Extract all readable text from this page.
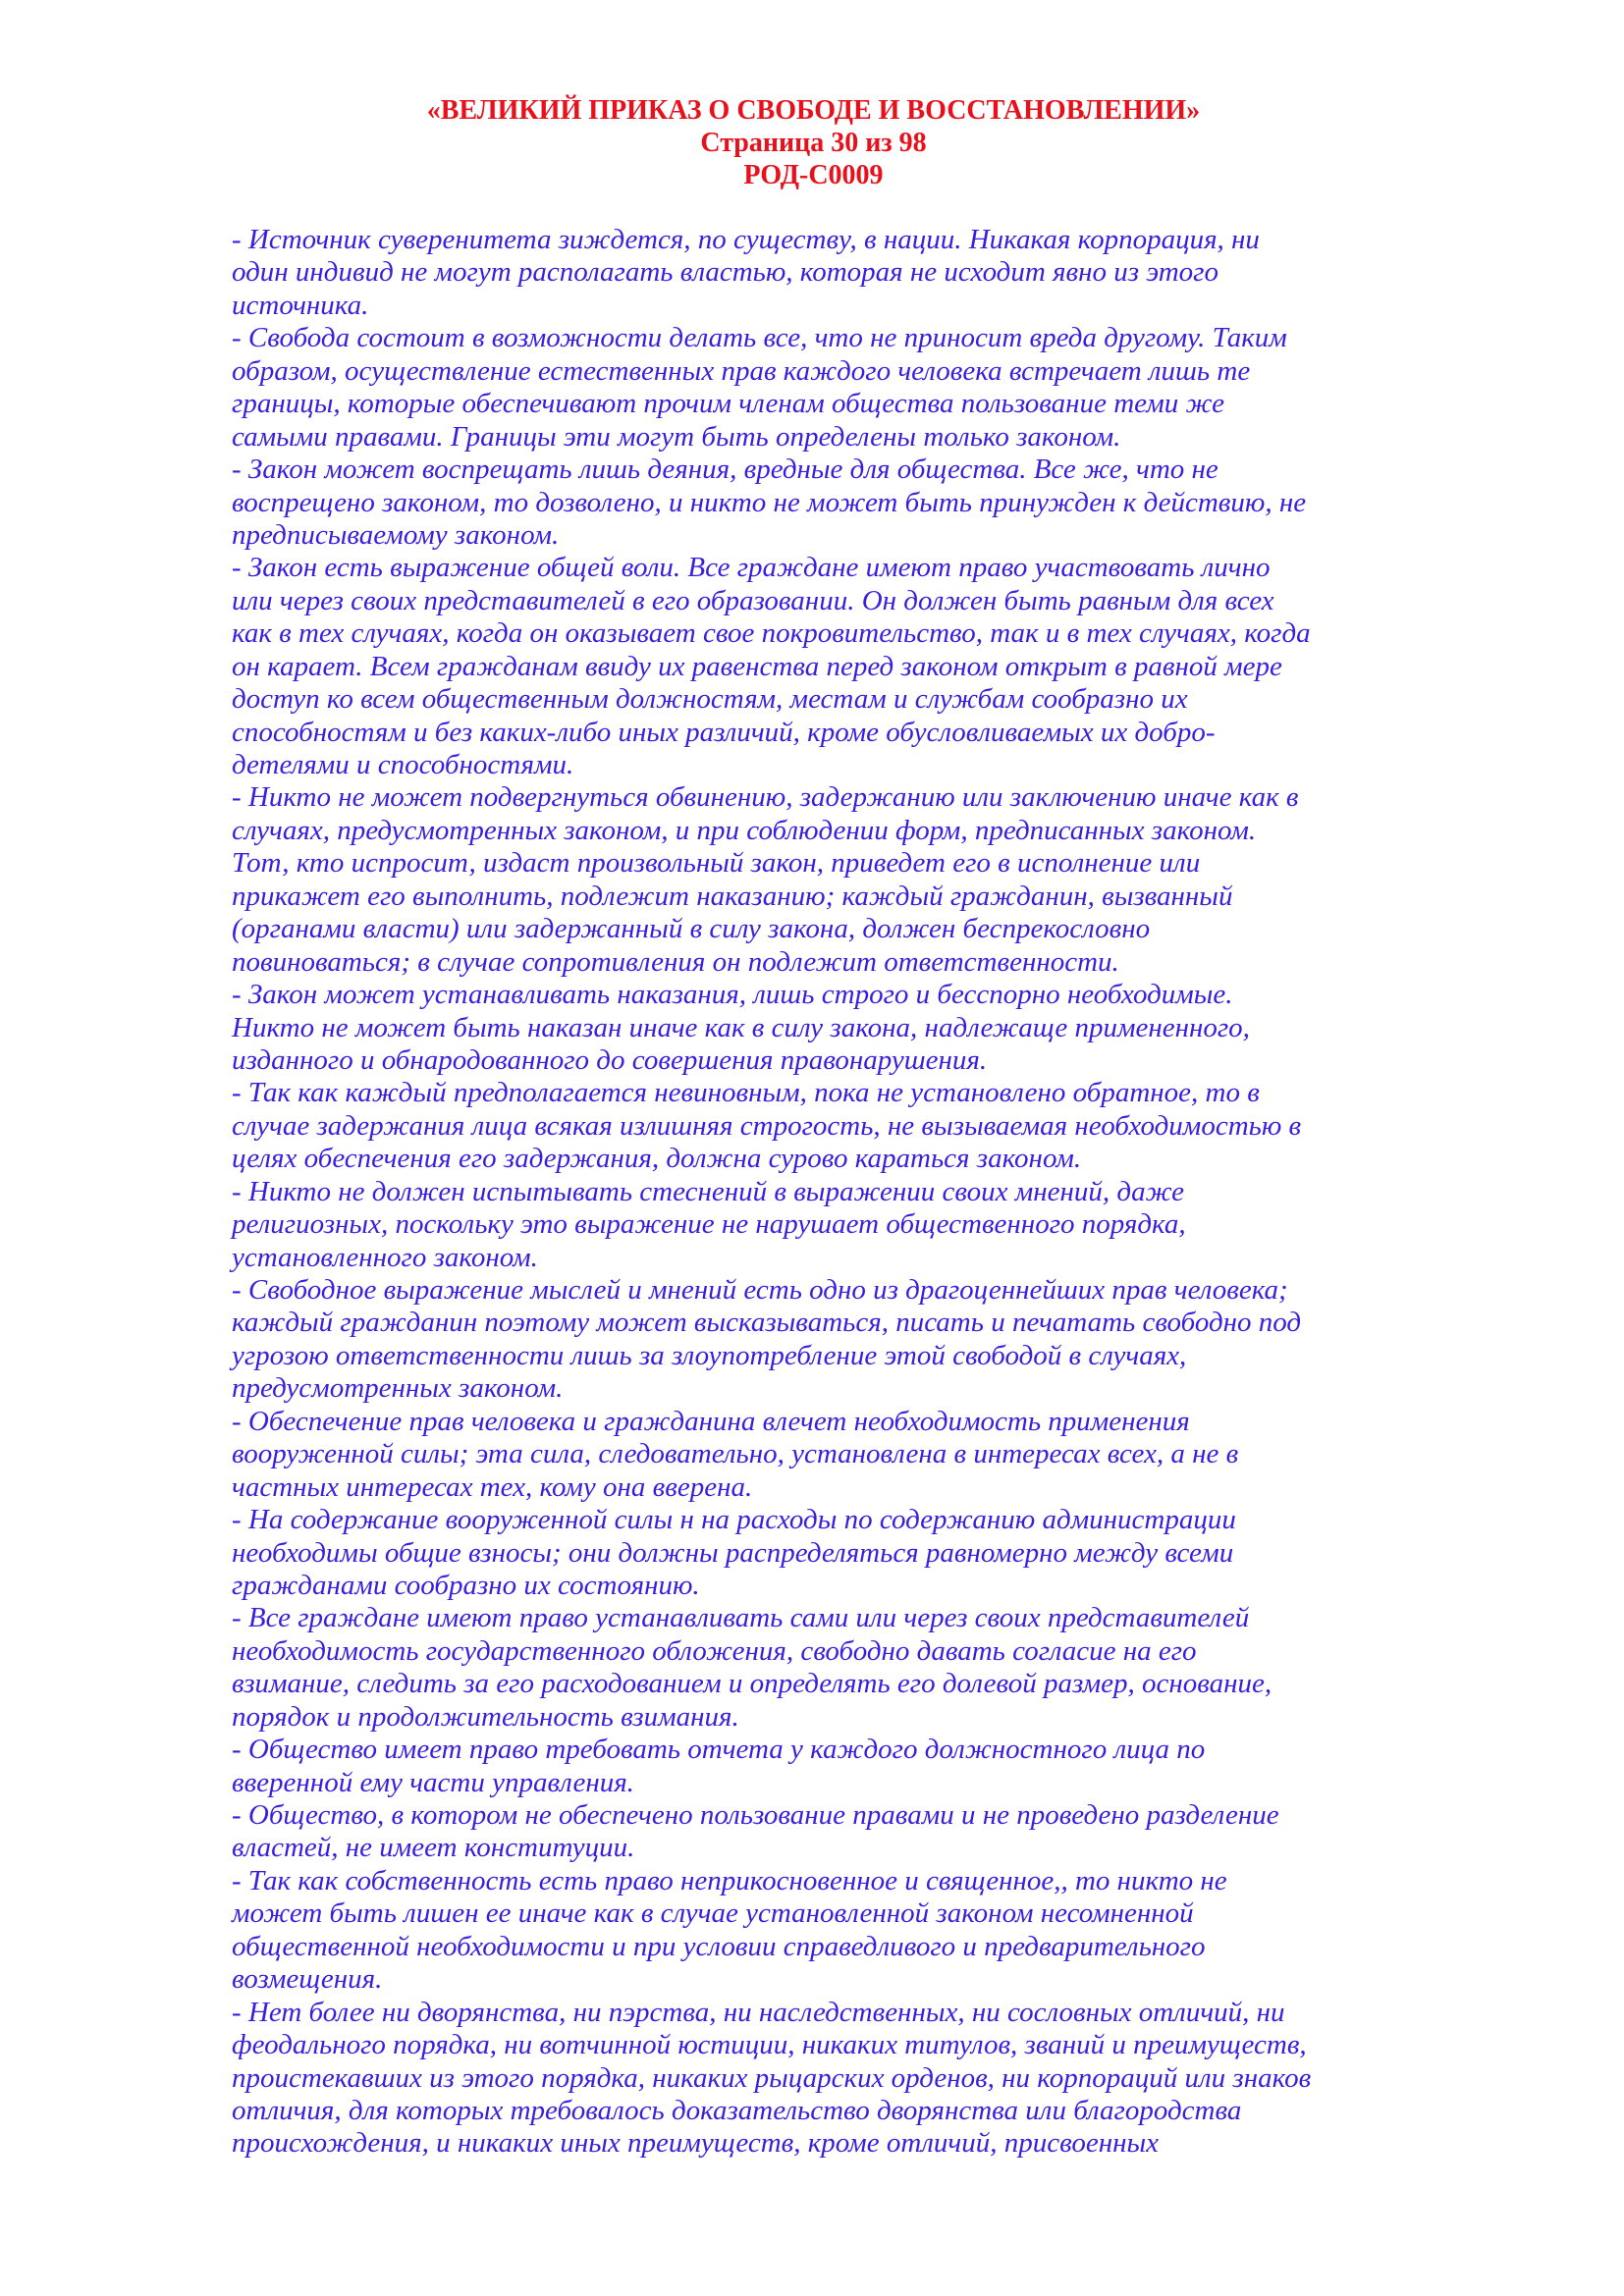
«ВЕЛИКИЙ ПРИКАЗ О СВОБОДЕ И ВОССТАНОВЛЕНИИ»
Страница 30 из 98
РОД-С0009
- Источник суверенитета зиждется, по существу, в нации. Никакая корпорация, ни
один индивид не могут располагать властью, которая не исходит явно из этого
источника.
- Свобода состоит в возможности делать все, что не приносит вреда другому. Таким
образом, осуществление естественных прав каждого человека встречает лишь те
границы, которые обеспечивают прочим членам общества пользование теми же
самыми правами. Границы эти могут быть определены только законом.
- Закон может воспрещать лишь деяния, вредные для общества. Все же, что не
воспрещено законом, то дозволено, и никто не может быть принужден к действию, не
предписываемому законом.
- Закон есть выражение общей воли. Все граждане имеют право участвовать лично
или через своих представителей в его образовании. Он должен быть равным для всех
как в тех случаях, когда он оказывает свое покровительство, так и в тех случаях, когда
он карает. Всем гражданам ввиду их равенства перед законом открыт в равной мере
доступ ко всем общественным должностям, местам и службам сообразно их
способностям и без каких-либо иных различий, кроме обусловливаемых их добро-
детелями и способностями.
- Никто не может подвергнуться обвинению, задержанию или заключению иначе как в
случаях, предусмотренных законом, и при соблюдении форм, предписанных законом.
Тот, кто испросит, издаст произвольный закон, приведет его в исполнение или
прикажет его выполнить, подлежит наказанию; каждый гражданин, вызванный
(органами власти) или задержанный в силу закона, должен беспрекословно
повиноваться; в случае сопротивления он подлежит ответственности.
- Закон может устанавливать наказания, лишь строго и бесспорно необходимые.
Никто не может быть наказан иначе как в силу закона, надлежаще примененного,
изданного и обнародованного до совершения правонарушения.
- Так как каждый предполагается невиновным, пока не установлено обратное, то в
случае задержания лица всякая излишняя строгость, не вызываемая необходимостью в
целях обеспечения его задержания, должна сурово караться законом.
- Никто не должен испытывать стеснений в выражении своих мнений, даже
религиозных, поскольку это выражение не нарушает общественного порядка,
установленного законом.
- Свободное выражение мыслей и мнений есть одно из драгоценнейших прав человека;
каждый гражданин поэтому может высказываться, писать и печатать свободно под
угрозою ответственности лишь за злоупотребление этой свободой в случаях,
предусмотренных законом.
- Обеспечение прав человека и гражданина влечет необходимость применения
вооруженной силы; эта сила, следовательно, установлена в интересах всех, а не в
частных интересах тех, кому она вверена.
- На содержание вооруженной силы н на расходы по содержанию администрации
необходимы общие взносы; они должны распределяться равномерно между всеми
гражданами сообразно их состоянию.
- Все граждане имеют право устанавливать сами или через своих представителей
необходимость государственного обложения, свободно давать согласие на его
взимание, следить за его расходованием и определять его долевой размер, основание,
порядок и продолжительность взимания.
- Общество имеет право требовать отчета у каждого должностного лица по
вверенной ему части управления.
- Общество, в котором не обеспечено пользование правами и не проведено разделение
властей, не имеет конституции.
- Так как собственность есть право неприкосновенное и священное,, то никто не
может быть лишен ее иначе как в случае установленной законом несомненной
общественной необходимости и при условии справедливого и предварительного
возмещения.
- Нет более ни дворянства, ни пэрства, ни наследственных, ни сословных отличий, ни
феодального порядка, ни вотчинной юстиции, никаких титулов, званий и преимуществ,
проистекавших из этого порядка, никаких рыцарских орденов, ни корпораций или знаков
отличия, для которых требовалось доказательство дворянства или благородства
происхождения, и никаких иных преимуществ, кроме отличий, присвоенных
